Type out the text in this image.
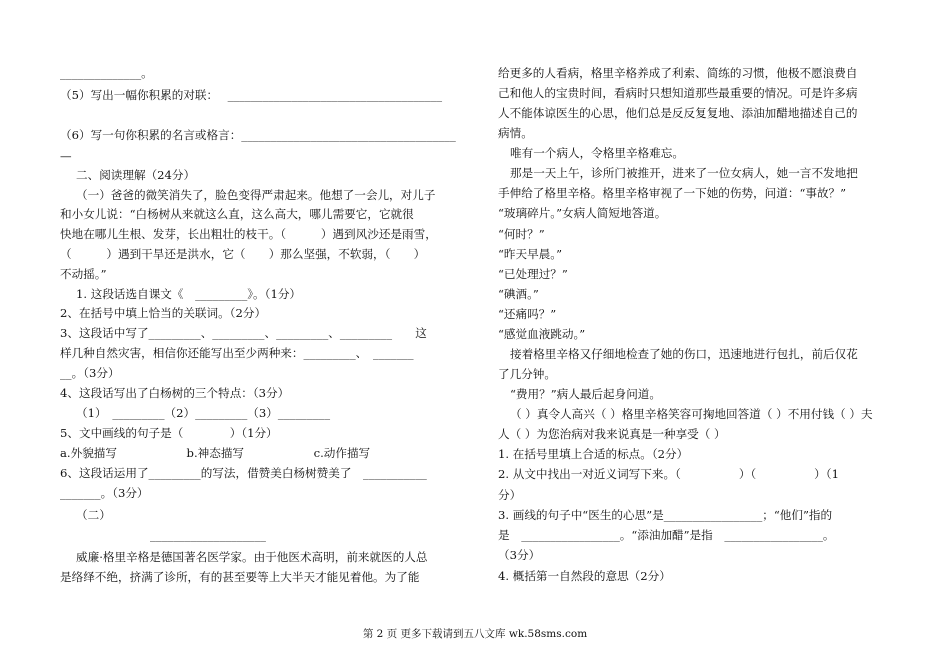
______________。
（5）写出一幅你积累的对联：　 _____________________________________
（6）写一句你积累的名言或格言：_____________________________________
—
二、阅读理解（24分）
（一）爸爸的微笑消失了，脸色变得严肃起来。他想了一会儿，对儿子
和小女儿说：“白杨树从来就这么直，这么高大，哪儿需要它，它就很
快地在哪儿生根、发芽，长出粗壮的枝干。（　　　）遇到风沙还是雨雪，
（　　　）遇到干旱还是洪水，它（　　）那么坚强，不软弱，（　　）
不动摇。”
1. 这段话选自课文《　_________》。（1分）
2、在括号中填上恰当的关联词。（2分）
3、这段话中写了_________、_________、_________、_________　　这
样几种自然灾害，相信你还能写出至少两种来：_________、　_______
__。（3分）
4、这段话写出了白杨树的三个特点：（3分）
（1）　_________（2）_________（3）_________
5、文中画线的句子是（　　　　）（1分）
a.外貌描写　　　　　　b.神态描写　　　　　　c.动作描写
6、这段话运用了_________的写法，借赞美白杨树赞美了　___________
_______。（3分）
（二）
____________________
威廉·格里辛格是德国著名医学家。由于他医术高明，前来就医的人总
是络绎不绝，挤满了诊所，有的甚至要等上大半天才能见着他。为了能
给更多的人看病，格里辛格养成了利索、简练的习惯，他极不愿浪费自
己和他人的宝贵时间，看病时只想知道那些最重要的情况。可是许多病
人不能体谅医生的心思，他们总是反反复复地、添油加醋地描述自己的
病情。
唯有一个病人，令格里辛格难忘。
那是一天上午，诊所门被推开，进来了一位女病人，她一言不发地把
手伸给了格里辛格。格里辛格审视了一下她的伤势，问道：“事故？”
“玻璃碎片。”女病人简短地答道。
“何时？”
“昨天早晨。”
“已处理过？”
“碘酒。”
“还痛吗？”
“感觉血液跳动。”
接着格里辛格又仔细地检查了她的伤口，迅速地进行包扎，前后仅花
了几分钟。
“费用？”病人最后起身问道。
（ ）真令人高兴（ ）格里辛格笑容可掬地回答道（ ）不用付钱（ ）夫
人（ ）为您治病对我来说真是一种享受（ ）
1. 在括号里填上合适的标点。（2分）
2. 从文中找出一对近义词写下来。（　　　　　）（　　　　　）（1
分）
3. 画线的句子中“医生的心思”是_________________；“他们”指的
是　_________________。“添油加醋”是指　_________________。
（3分）
4. 概括第一自然段的意思（2分）
第 2 页 更多下载请到五八文库 wk.58sms.com
